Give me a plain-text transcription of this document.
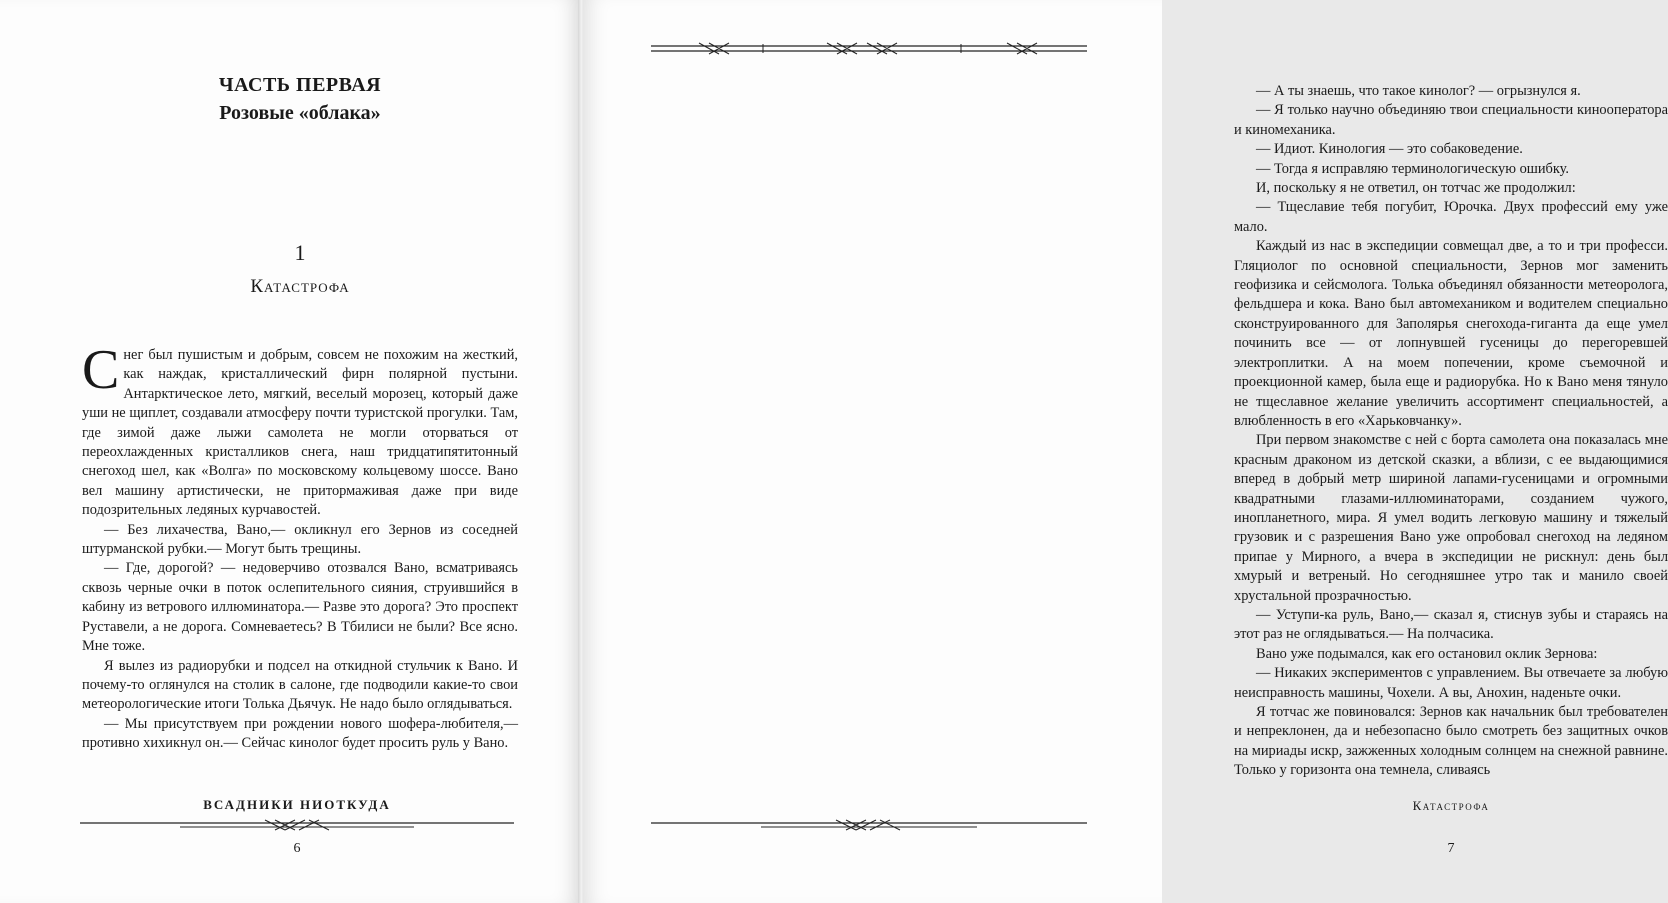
ЧАСТЬ ПЕРВАЯ
Розовые «облака»
1
Катастрофа

Снег был пушистым и добрым, совсем не похожим на жесткий, как наждак, кристаллический фирн полярной пустыни. Антарктическое лето, мягкий, веселый морозец, который даже уши не щиплет, создавали атмосферу почти туристской прогулки. Там, где зимой даже лыжи самолета не могли оторваться от переохлажденных кристалликов снега, наш тридцатипятитонный снегоход шел, как «Волга» по московскому кольцевому шоссе. Вано вел машину артистически, не притормаживая даже при виде подозрительных ледяных курчавостей.

— Без лихачества, Вано,— окликнул его Зернов из соседней штурманской рубки.— Могут быть трещины.

— Где, дорогой? — недоверчиво отозвался Вано, всматриваясь сквозь черные очки в поток ослепительного сияния, струившийся в кабину из ветрового иллюминатора.— Разве это дорога? Это проспект Руставели, а не дорога. Сомневаетесь? В Тбилиси не были? Все ясно. Мне тоже.

Я вылез из радиорубки и подсел на откидной стульчик к Вано. И почему-то оглянулся на столик в салоне, где подводили какие-то свои метеорологические итоги Толька Дьячук. Не надо было оглядываться.

— Мы присутствуем при рождении нового шофера-любителя,— противно хихикнул он.— Сейчас кинолог будет просить руль у Вано.

ВСАДНИКИ НИОТКУДА
6

— А ты знаешь, что такое кинолог? — огрызнулся я.

— Я только научно объединяю твои специальности кинооператора и киномеханика.

— Идиот. Кинология — это собаковедение.

— Тогда я исправляю терминологическую ошибку.

И, поскольку я не ответил, он тотчас же продолжил:

— Тщеславие тебя погубит, Юрочка. Двух профессий ему уже мало.

Каждый из нас в экспедиции совмещал две, а то и три професси. Гляциолог по основной специальности, Зернов мог заменить геофизика и сейсмолога. Толька объединял обязанности метеоролога, фельдшера и кока. Вано был автомехаником и водителем специально сконструированного для Заполярья снегохода-гиганта да еще умел починить все — от лопнувшей гусеницы до перегоревшей электроплитки. А на моем попечении, кроме съемочной и проекционной камер, была еще и радиорубка. Но к Вано меня тянуло не тщеславное желание увеличить ассортимент специальностей, а влюбленность в его «Харьковчанку».

При первом знакомстве с ней с борта самолета она показалась мне красным драконом из детской сказки, а вблизи, с ее выдающимися вперед в добрый метр шириной лапами-гусеницами и огромными квадратными глазами-иллюминаторами, созданием чужого, инопланетного, мира. Я умел водить легковую машину и тяжелый грузовик и с разрешения Вано уже опробовал снегоход на ледяном припае у Мирного, а вчера в экспедиции не рискнул: день был хмурый и ветреный. Но сегодняшнее утро так и манило своей хрустальной прозрачностью.

— Уступи-ка руль, Вано,— сказал я, стиснув зубы и стараясь на этот раз не оглядываться.— На полчасика.

Вано уже подымался, как его остановил оклик Зернова:

— Никаких экспериментов с управлением. Вы отвечаете за любую неисправность машины, Чохели. А вы, Анохин, наденьте очки.

Я тотчас же повиновался: Зернов как начальник был требователен и непреклонен, да и небезопасно было смотреть без защитных очков на мириады искр, зажженных холодным солнцем на снежной равнине. Только у горизонта она темнела, сливаясь

Катастрофа
7
